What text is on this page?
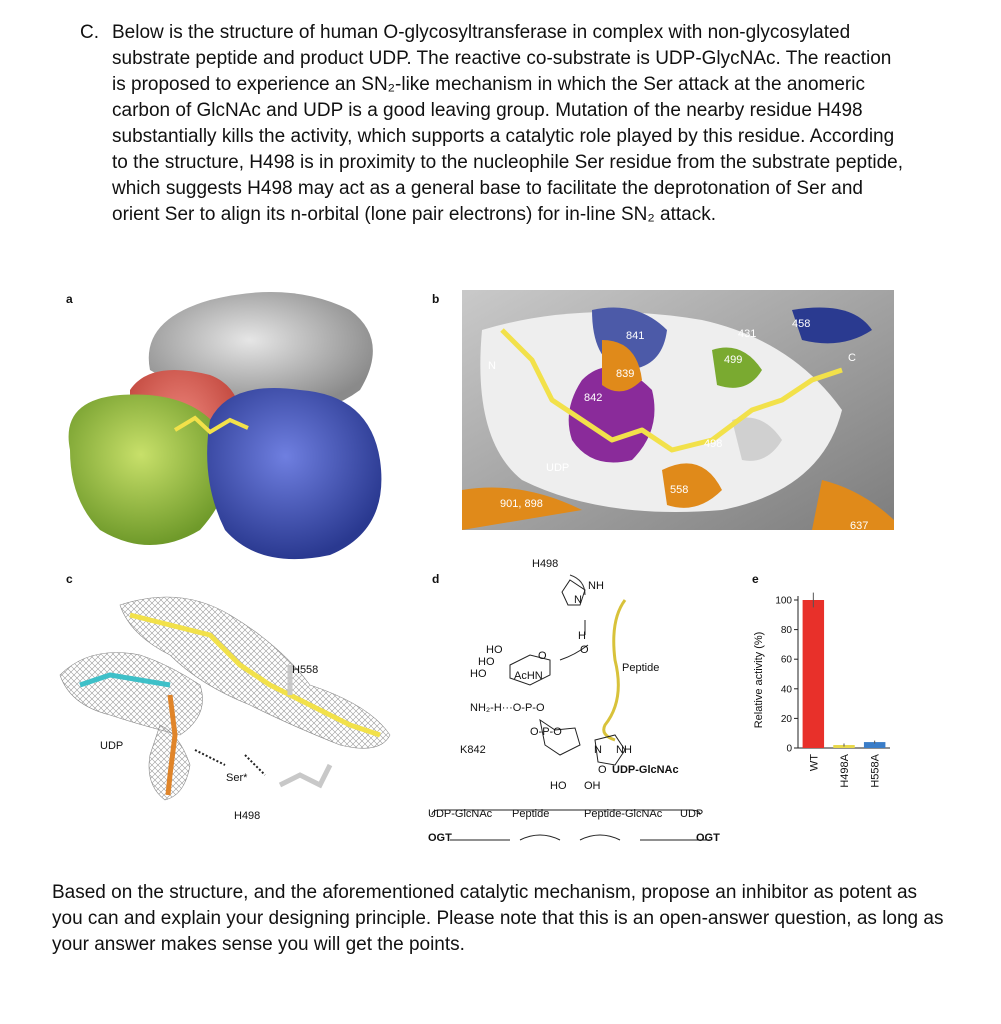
C. Below is the structure of human O-glycosyltransferase in complex with non-glycosylated substrate peptide and product UDP. The reactive co-substrate is UDP-GlycNAc. The reaction is proposed to experience an SN₂-like mechanism in which the Ser attack at the anomeric carbon of GlcNAc and UDP is a good leaving group. Mutation of the nearby residue H498 substantially kills the activity, which supports a catalytic role played by this residue. According to the structure, H498 is in proximity to the nucleophile Ser residue from the substrate peptide, which suggests H498 may act as a general base to facilitate the deprotonation of Ser and orient Ser to align its n-orbital (lone pair electrons) for in-line SN₂ attack.
a	b
c	d	e
841	431
458
839
499
842
498
UDP
558
901, 898
637
N
C
UDP
H558
Ser*
H498
H498
NH
N
H
O
Peptide
HO
HO
HO	AcHN
O
NH₂-H···O-P-O
O-P-O
K842	NH
N
O UDP-GlcNAc
HO OH
UDP-GlcNAc Peptide	Peptide-GlcNAc UDP
OGT	OGT
Relative activity (%)
0
20
40
60
80
100
WT H498A H558A
Based on the structure, and the aforementioned catalytic mechanism, propose an inhibitor as potent as you can and explain your designing principle. Please note that this is an open-answer question, as long as your answer makes sense you will get the points.
